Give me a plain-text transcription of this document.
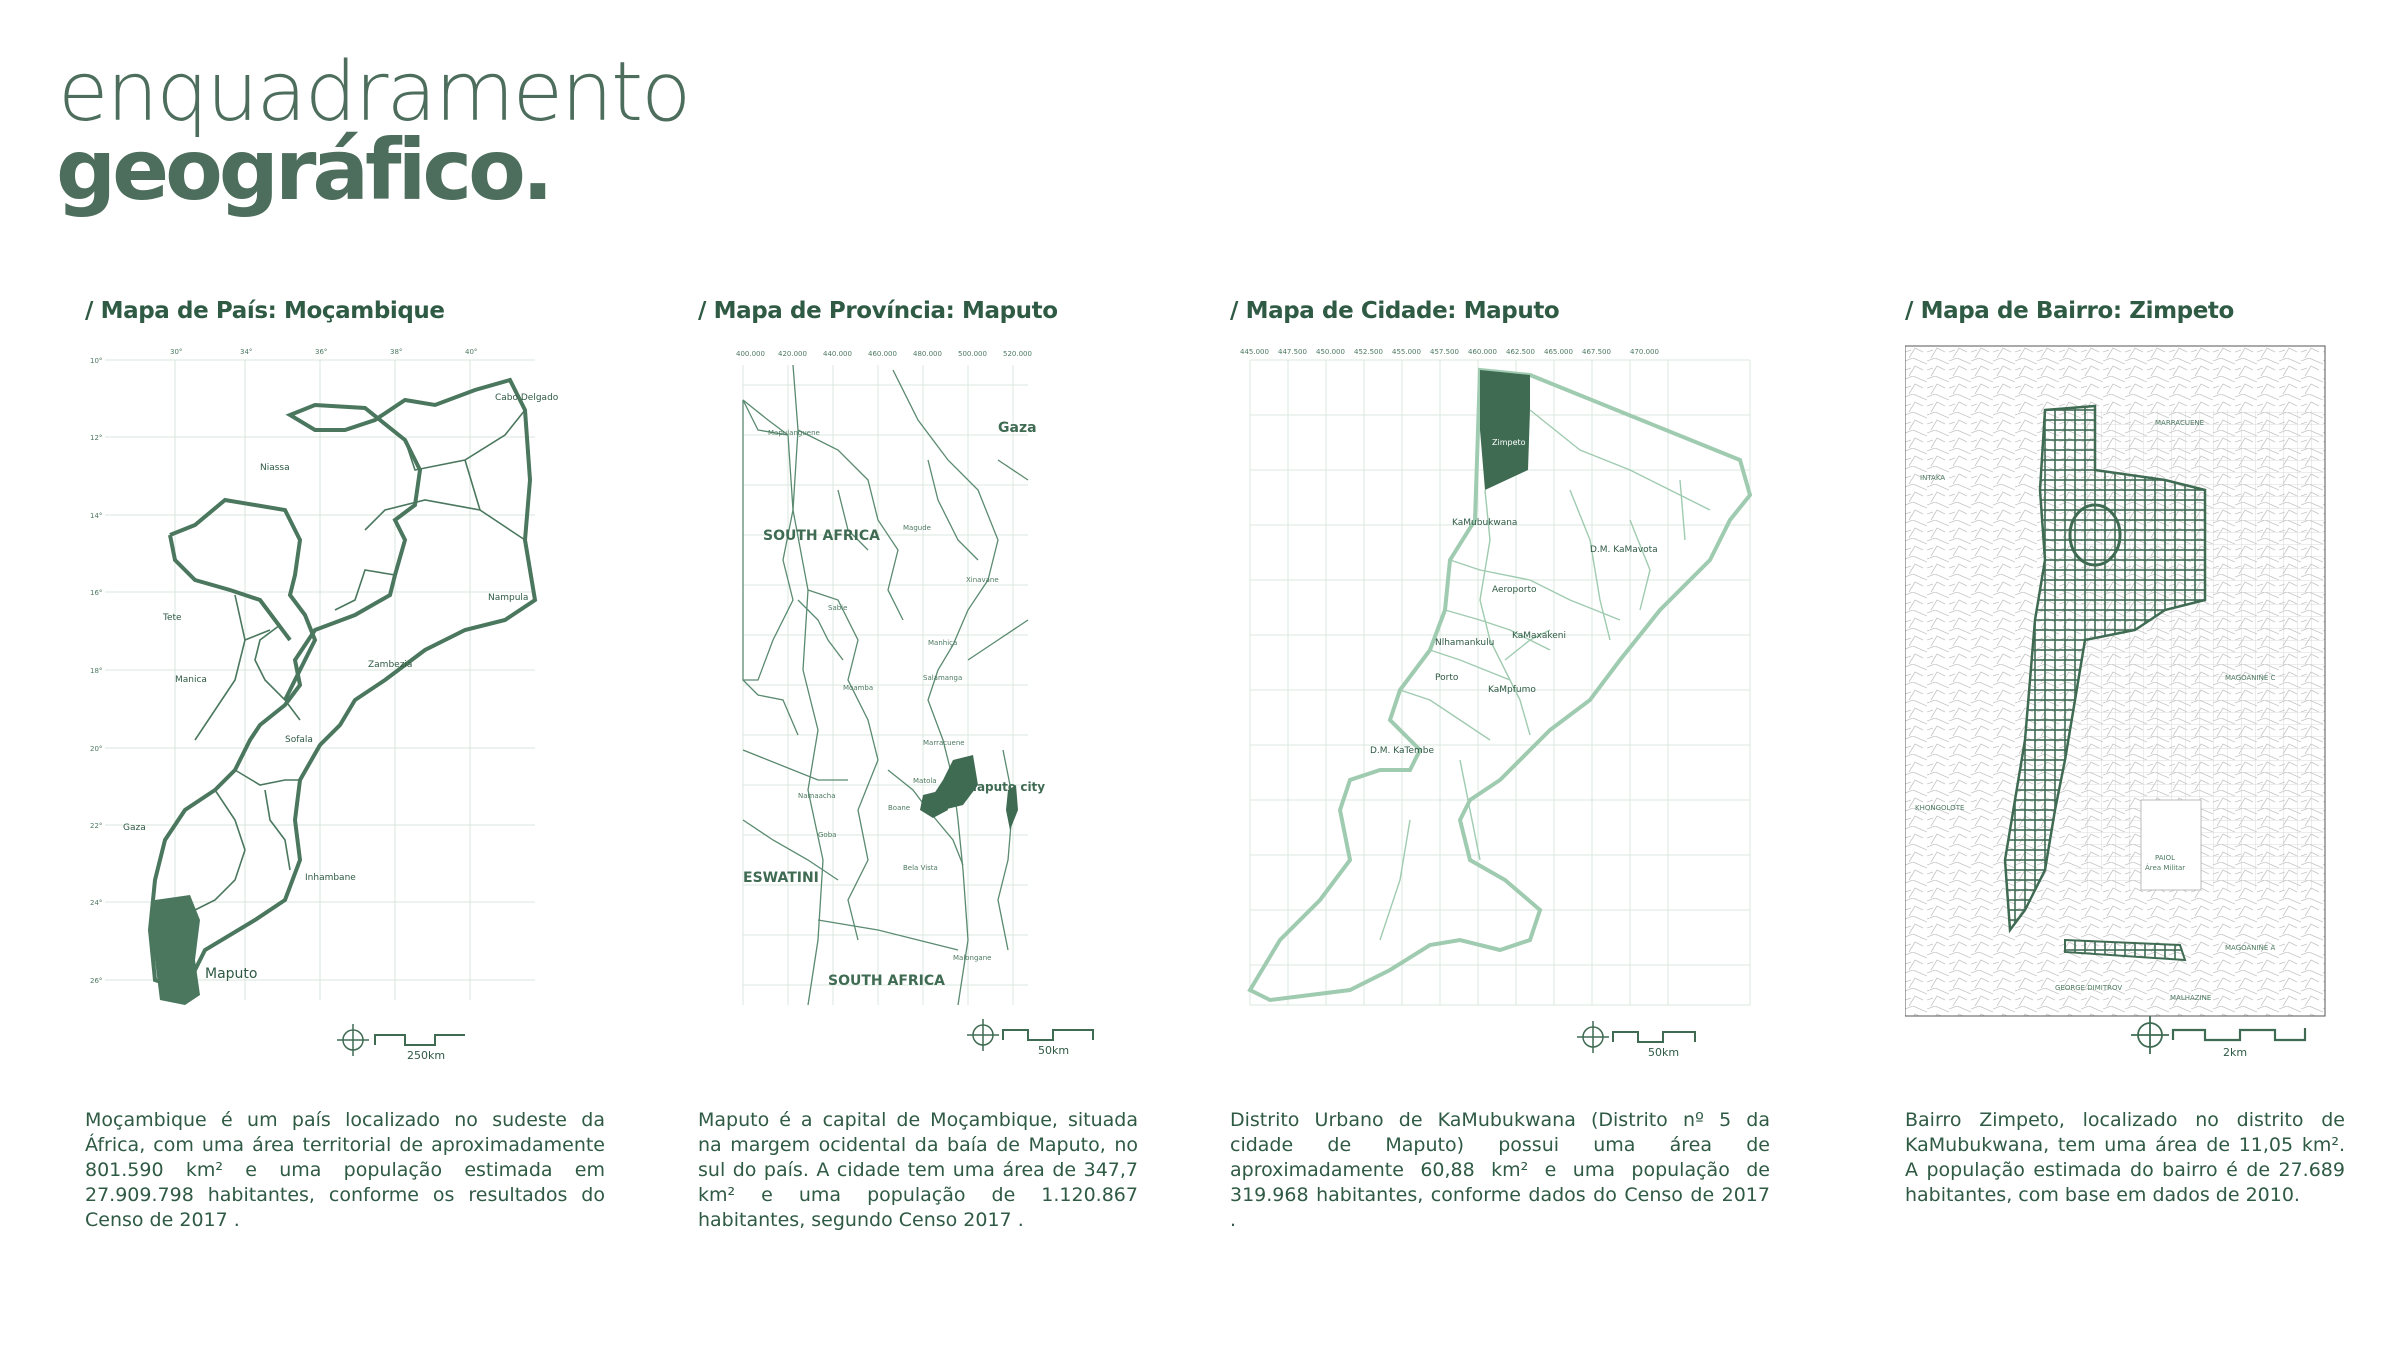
enquadramento
geográfico.
/ Mapa de País: Moçambique
30°	34°	36°	38°	40°
10°
12°
14°
16°
18°
20°
22°
24°
26°
Cabo Delgado
Niassa
Nampula
Tete
Zambezia
Manica
Sofala
Gaza
Inhambane
Maputo
250km
/ Mapa de Província: Maputo
400.000 420.000 440.000 460.000 480.000 500.000 520.000
SOUTH AFRICA
Gaza
ESWATINI
SOUTH AFRICA
Maputo city
Matola
Magude
Moamba
Namaacha
Boane
Manhiça
Marracuene
Xinavane
Sabie
Goba
Bela Vista
Salamanga
Mapulanguene
Malongane
50km
/ Mapa de Cidade: Maputo
445.000 447.500 450.000 452.500 455.000 457.500 460.000 462.500 465.000 467.500	470.000
Zimpeto
KaMubukwana
D.M. KaMavota
Aeroporto
Nlhamankulu
KaMaxakeni
Porto
KaMpfumo
D.M. KaTembe
50km
/ Mapa de Bairro: Zimpeto
MARRACUENE
INTAKA
MAGOANINE C
KHONGOLOTE
PAIOL
Área Militar
MAGOANINE A
GEORGE DIMITROV
MALHAZINE
2km
Moçambique é um país localizado no sudeste da África, com uma área territorial de aproximadamente 801.590 km² e uma população estimada em 27.909.798 habitantes, conforme os resultados do Censo de 2017 .
Maputo é a capital de Moçambique, situada na margem ocidental da baía de Maputo, no sul do país. A cidade tem uma área de 347,7 km² e uma população de 1.120.867 habitantes, segundo Censo 2017 .
Distrito Urbano de KaMubukwana (Distrito nº 5 da cidade de Maputo) possui uma área de aproximadamente 60,88 km² e uma população de 319.968 habitantes, conforme dados do Censo de 2017 .
Bairro Zimpeto, localizado no distrito de KaMubukwana, tem uma área de 11,05 km². A população estimada do bairro é de 27.689 habitantes, com base em dados de 2010.
